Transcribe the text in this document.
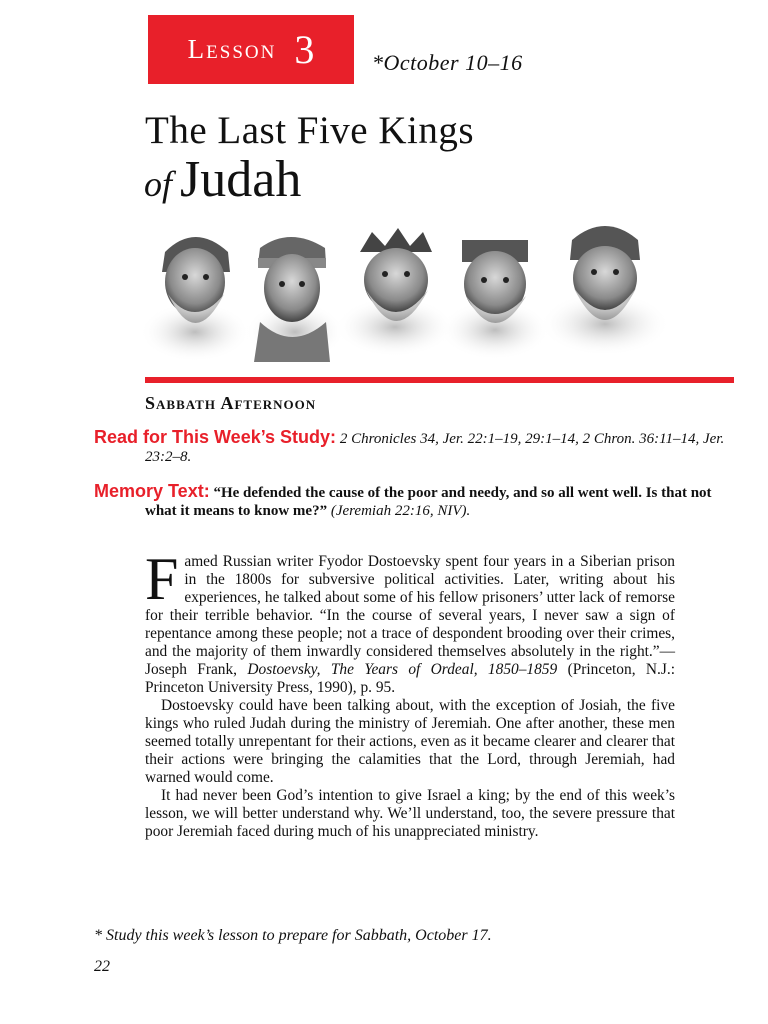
Lesson 3	*October 10–16
The Last Five Kings
of Judah
Sabbath Afternoon
Read for This Week’s Study: 2 Chronicles 34, Jer. 22:1–19, 29:1–14, 2 Chron. 36:11–14, Jer. 23:2–8.
Memory Text: “He defended the cause of the poor and needy, and so all went well. Is that not what it means to know me?” (Jeremiah 22:16, NIV).

Famed Russian writer Fyodor Dostoevsky spent four years in a Siberian prison in the 1800s for subversive political activities. Later, writing about his experiences, he talked about some of his fellow prisoners’ utter lack of remorse for their terrible behavior. “In the course of several years, I never saw a sign of repentance among these people; not a trace of despondent brooding over their crimes, and the majority of them inwardly considered themselves absolutely in the right.”—Joseph Frank, Dostoevsky, The Years of Ordeal, 1850–1859 (Princeton, N.J.: Princeton University Press, 1990), p. 95.

Dostoevsky could have been talking about, with the exception of Josiah, the five kings who ruled Judah during the ministry of Jeremiah. One after another, these men seemed totally unrepentant for their actions, even as it became clearer and clearer that their actions were bringing the calamities that the Lord, through Jeremiah, had warned would come.

It had never been God’s intention to give Israel a king; by the end of this week’s lesson, we will better understand why. We’ll understand, too, the severe pressure that poor Jeremiah faced during much of his unappreciated ministry.

* Study this week’s lesson to prepare for Sabbath, October 17.
22
